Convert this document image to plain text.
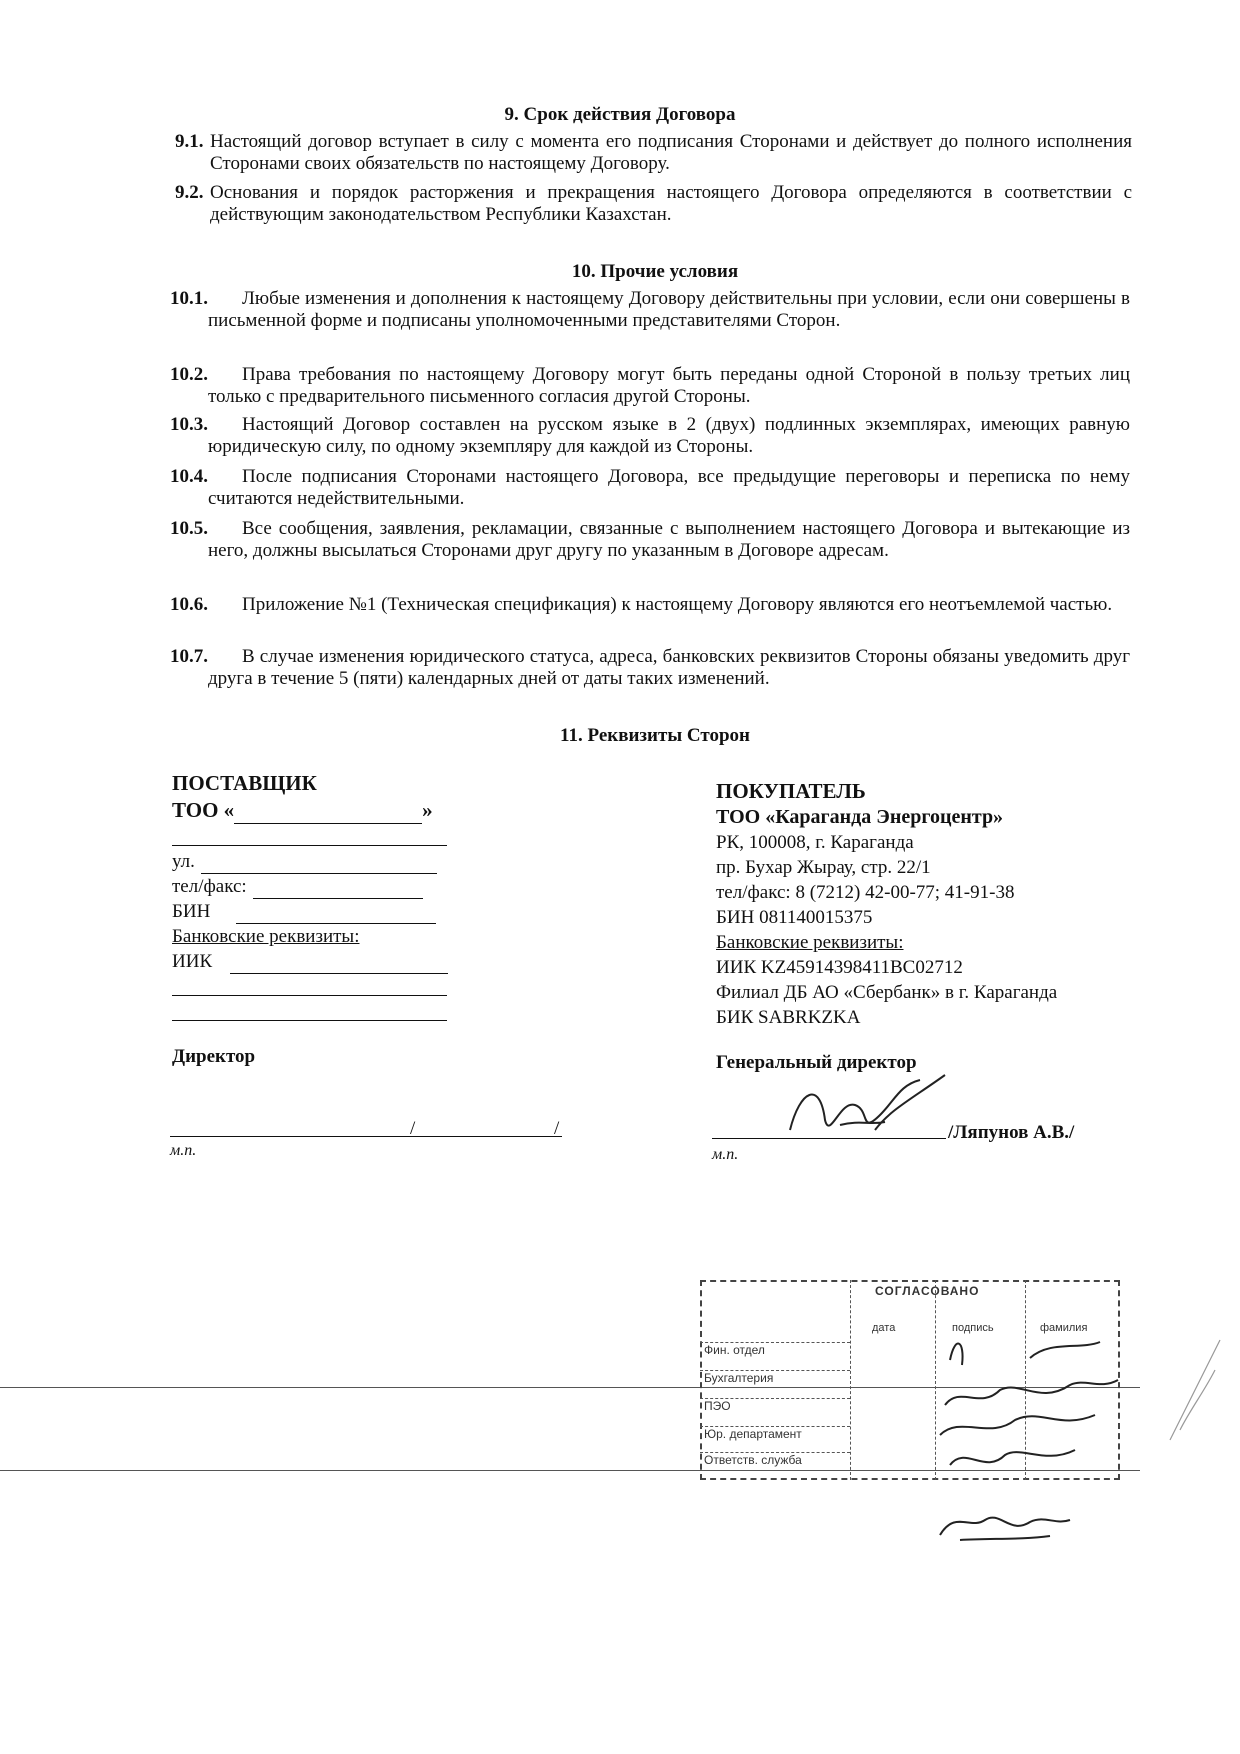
9. Срок действия Договора
9.1. Настоящий договор вступает в силу с момента его подписания Сторонами и действует до полного исполнения Сторонами своих обязательств по настоящему Договору.
9.2. Основания и порядок расторжения и прекращения настоящего Договора определяются в соответствии с действующим законодательством Республики Казахстан.
10. Прочие условия
10.1.	Любые изменения и дополнения к настоящему Договору действительны при условии, если они совершены в письменной форме и подписаны уполномоченными представителями Сторон.
10.2.	Права требования по настоящему Договору могут быть переданы одной Стороной в пользу третьих лиц только с предварительного письменного согласия другой Стороны.
10.3.	Настоящий Договор составлен на русском языке в 2 (двух) подлинных экземплярах, имеющих равную юридическую силу, по одному экземпляру для каждой из Стороны.
10.4.	После подписания Сторонами настоящего Договора, все предыдущие переговоры и переписка по нему считаются недействительными.
10.5.	Все сообщения, заявления, рекламации, связанные с выполнением настоящего Договора и вытекающие из него, должны высылаться Сторонами друг другу по указанным в Договоре адресам.
10.6.	Приложение №1 (Техническая спецификация) к настоящему Договору являются его неотъемлемой частью.
10.7.	В случае изменения юридического статуса, адреса, банковских реквизитов Стороны обязаны уведомить друг друга в течение 5 (пяти) календарных дней от даты таких изменений.
11. Реквизиты Сторон
ПОСТАВЩИК
ТОО «	»
ул.
тел/факс:
БИН
Банковские реквизиты:
ИИК
Директор
/	/
м.п.
ПОКУПАТЕЛЬ
ТОО «Караганда Энергоцентр»
РК, 100008, г. Караганда
пр. Бухар Жырау, стр. 22/1
тел/факс: 8 (7212) 42-00-77; 41-91-38
БИН 081140015375
Банковские реквизиты:
ИИК KZ45914398411BC02712
Филиал ДБ АО «Сбербанк» в г. Караганда
БИК SABRKZKA
Генеральный директор
/Ляпунов А.В./
м.п.
СОГЛАСОВАНО
дата	подпись	фамилия
Фин. отдел
Бухгалтерия
ПЭО
Юр. департамент
Ответств. служба
